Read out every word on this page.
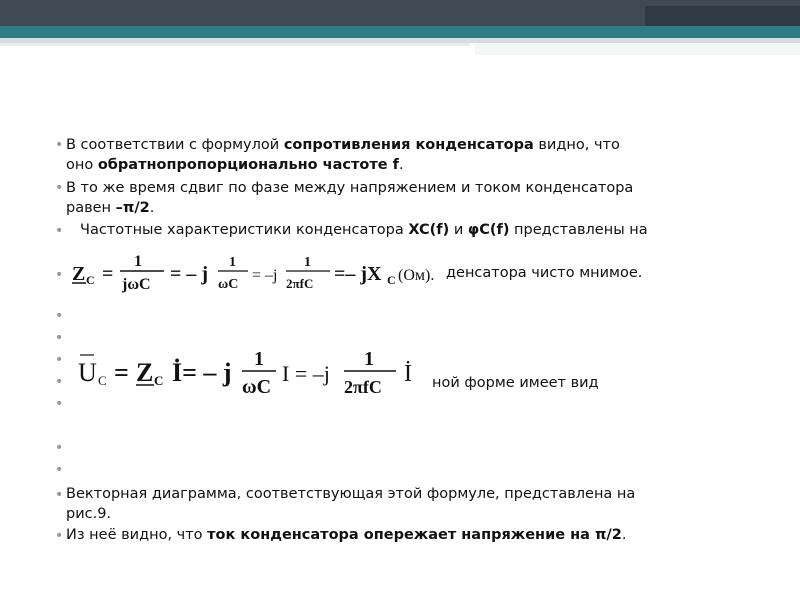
• В соответствии с формулой сопротивления конденсатора видно, что
оно обратнопропорционально частоте f.
• В то же время сдвиг по фазе между напряжением и током конденсатора
равен –π/2.
• Частотные характеристики конденсатора XC(f) и φC(f) представлены на
• Z C =
1
jωC = – j
1
ωC
= –j
1
2πfC =– jX C (Ом). денсатора чисто мнимое.
•
•
•
•
•
U C = Z C İ= – j 1
ωC
I = –j
1
2πfC İ ной форме имеет вид
•
•
• Векторная диаграмма, соответствующая этой формуле, представлена на
рис.9.
• Из неё видно, что ток конденсатора опережает напряжение на π/2.
